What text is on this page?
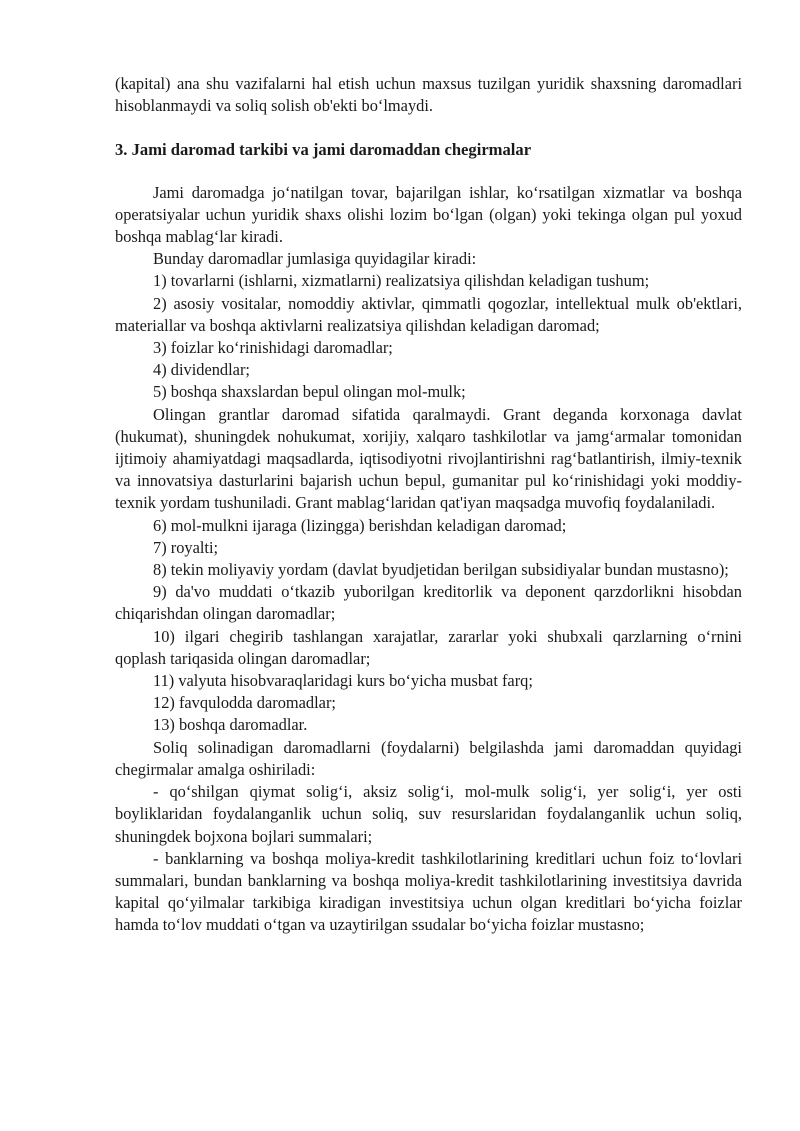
(kapital) ana shu vazifalarni hal etish uchun maxsus tuzilgan yuridik shaxsning daromadlari hisoblanmaydi va soliq solish ob'ekti bo‘lmaydi.

3. Jami daromad tarkibi va jami daromaddan chegirmalar

Jami daromadga jo‘natilgan tovar, bajarilgan ishlar, ko‘rsatilgan xizmatlar va boshqa operatsiyalar uchun yuridik shaxs olishi lozim bo‘lgan (olgan) yoki tekinga olgan pul yoxud boshqa mablag‘lar kiradi.

Bunday daromadlar jumlasiga quyidagilar kiradi:

1) tovarlarni (ishlarni, xizmatlarni) realizatsiya qilishdan keladigan tushum;

2) asosiy vositalar, nomoddiy aktivlar, qimmatli qogozlar, intellektual mulk ob'ektlari, materiallar va boshqa aktivlarni realizatsiya qilishdan keladigan daromad;

3) foizlar ko‘rinishidagi daromadlar;

4) dividendlar;

5) boshqa shaxslardan bepul olingan mol-mulk;

Olingan grantlar daromad sifatida qaralmaydi. Grant deganda korxonaga davlat (hukumat), shuningdek nohukumat, xorijiy, xalqaro tashkilotlar va jamg‘armalar tomonidan ijtimoiy ahamiyatdagi maqsadlarda, iqtisodiyotni rivojlantirishni rag‘batlantirish, ilmiy-texnik va innovatsiya dasturlarini bajarish uchun bepul, gumanitar pul ko‘rinishidagi yoki moddiy-texnik yordam tushuniladi. Grant mablag‘laridan qat'iyan maqsadga muvofiq foydalaniladi.

6) mol-mulkni ijaraga (lizingga) berishdan keladigan daromad;

7) royalti;

8) tekin moliyaviy yordam (davlat byudjetidan berilgan subsidiyalar bundan mustasno);

9) da'vo muddati o‘tkazib yuborilgan kreditorlik va deponent qarzdorlikni hisobdan chiqarishdan olingan daromadlar;

10) ilgari chegirib tashlangan xarajatlar, zararlar yoki shubxali qarzlarning o‘rnini qoplash tariqasida olingan daromadlar;

11) valyuta hisobvaraqlaridagi kurs bo‘yicha musbat farq;

12) favqulodda daromadlar;

13) boshqa daromadlar.

Soliq solinadigan daromadlarni (foydalarni) belgilashda jami daromaddan quyidagi chegirmalar amalga oshiriladi:

- qo‘shilgan qiymat solig‘i, aksiz solig‘i, mol-mulk solig‘i, yer solig‘i, yer osti boyliklaridan foydalanganlik uchun soliq, suv resurslaridan foydalanganlik uchun soliq, shuningdek bojxona bojlari summalari;

- banklarning va boshqa moliya-kredit tashkilotlarining kreditlari uchun foiz to‘lovlari summalari, bundan banklarning va boshqa moliya-kredit tashkilotlarining investitsiya davrida kapital qo‘yilmalar tarkibiga kiradigan investitsiya uchun olgan kreditlari bo‘yicha foizlar hamda to‘lov muddati o‘tgan va uzaytirilgan ssudalar bo‘yicha foizlar mustasno;
